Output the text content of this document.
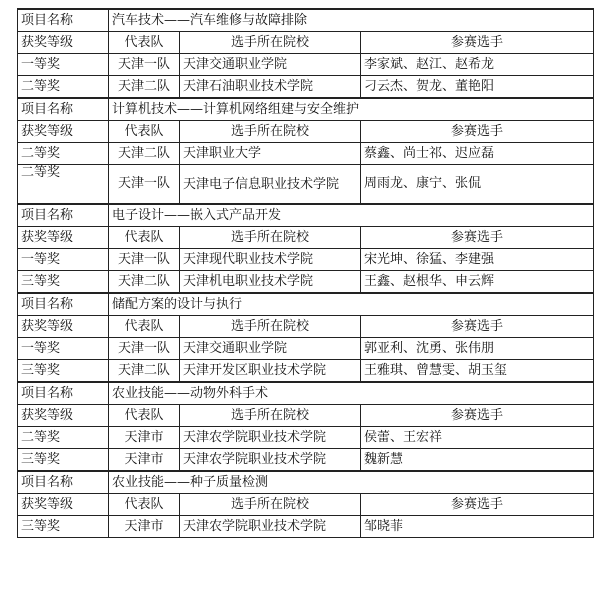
项目名称	汽车技术——汽车维修与故障排除		
获奖等级	代表队	选手所在院校	参赛选手
一等奖	天津一队	天津交通职业学院	李家斌、赵江、赵希龙
二等奖	天津二队	天津石油职业技术学院	刁云杰、贺龙、董艳阳
项目名称	计算机技术——计算机网络组建与安全维护		
获奖等级	代表队	选手所在院校	参赛选手
二等奖	天津二队	天津职业大学	蔡鑫、尚士祁、迟应磊
二等奖	天津一队	天津电子信息职业技术学院	周雨龙、康宁、张侃
项目名称	电子设计——嵌入式产品开发		
获奖等级	代表队	选手所在院校	参赛选手
一等奖	天津一队	天津现代职业技术学院	宋光坤、徐猛、李建强
三等奖	天津二队	天津机电职业技术学院	王鑫、赵根华、申云辉
项目名称	储配方案的设计与执行		
获奖等级	代表队	选手所在院校	参赛选手
一等奖	天津一队	天津交通职业学院	郭亚利、沈勇、张伟朋
三等奖	天津二队	天津开发区职业技术学院	王雅琪、曾慧雯、胡玉玺
项目名称	农业技能——动物外科手术		
获奖等级	代表队	选手所在院校	参赛选手
二等奖	天津市	天津农学院职业技术学院	侯蕾、王宏祥
三等奖	天津市	天津农学院职业技术学院	魏新慧
项目名称	农业技能——种子质量检测		
获奖等级	代表队	选手所在院校	参赛选手
三等奖	天津市	天津农学院职业技术学院	邹晓菲
